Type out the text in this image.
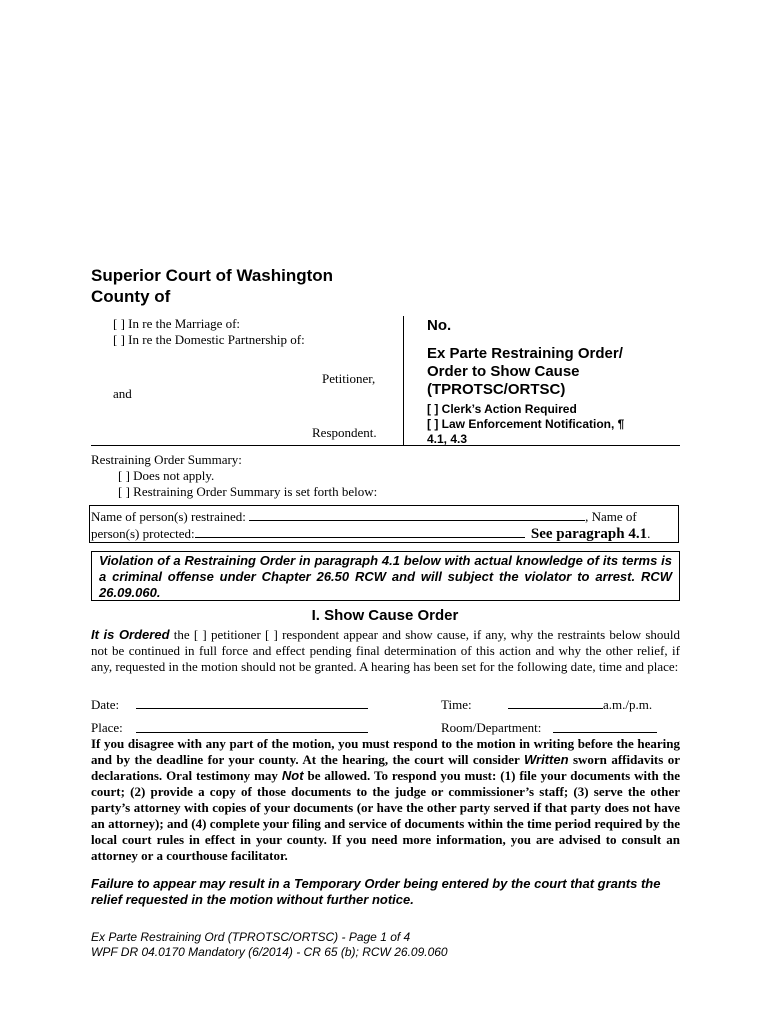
Superior Court of Washington
County of
[ ] In re the Marriage of:
[ ] In re the Domestic Partnership of:
Petitioner,
and
Respondent.
No.
Ex Parte Restraining Order/
Order to Show Cause
(TPROTSC/ORTSC)
[ ] Clerk’s Action Required
[ ] Law Enforcement Notification, ¶
4.1, 4.3
Restraining Order Summary:
[ ] Does not apply.
[ ] Restraining Order Summary is set forth below:
Name of person(s) restrained:	, Name of
person(s) protected:	See paragraph 4.1.
Violation of a Restraining Order in paragraph 4.1 below with actual knowledge of its terms is a criminal offense under Chapter 26.50 RCW and will subject the violator to arrest. RCW 26.09.060.
I. Show Cause Order
It is Ordered the [ ] petitioner [ ] respondent appear and show cause, if any, why the restraints below should not be continued in full force and effect pending final determination of this action and why the other relief, if any, requested in the motion should not be granted. A hearing has been set for the following date, time and place:
Date:	Time:	a.m./p.m.
Place:	Room/Department:
If you disagree with any part of the motion, you must respond to the motion in writing before the hearing and by the deadline for your county. At the hearing, the court will consider Written sworn affidavits or declarations. Oral testimony may Not be allowed. To respond you must: (1) file your documents with the court; (2) provide a copy of those documents to the judge or commissioner’s staff; (3) serve the other party’s attorney with copies of your documents (or have the other party served if that party does not have an attorney); and (4) complete your filing and service of documents within the time period required by the local court rules in effect in your county. If you need more information, you are advised to consult an attorney or a courthouse facilitator.
Failure to appear may result in a Temporary Order being entered by the court that grants the relief requested in the motion without further notice.
Ex Parte Restraining Ord (TPROTSC/ORTSC) - Page 1 of 4
WPF DR 04.0170 Mandatory (6/2014) - CR 65 (b); RCW 26.09.060
